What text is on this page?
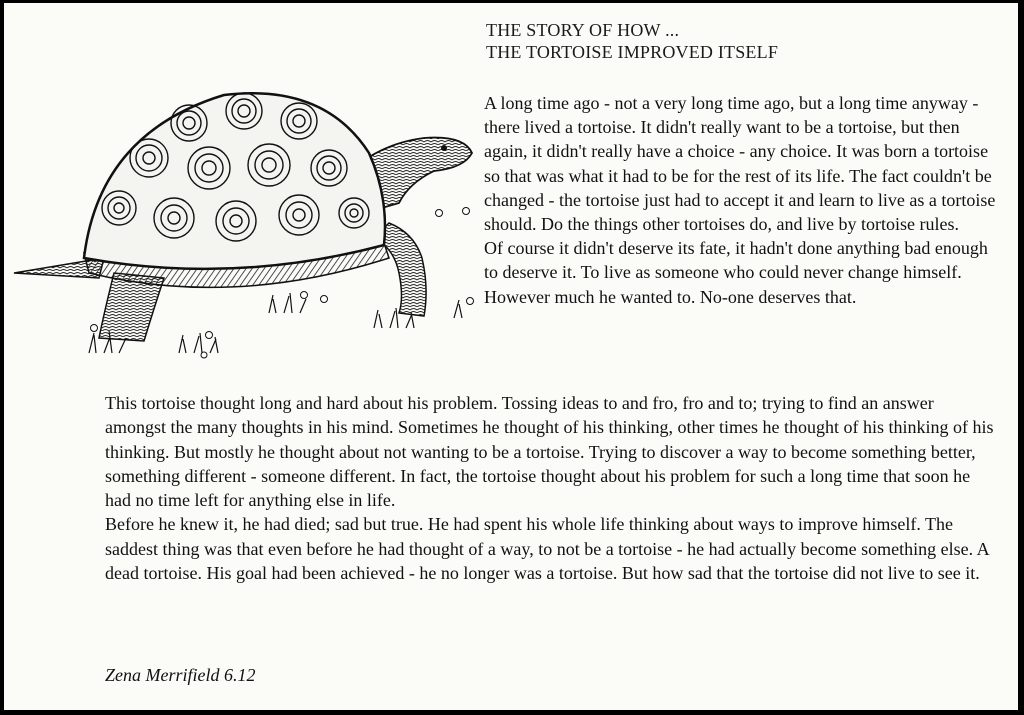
THE STORY OF HOW ...
THE TORTOISE IMPROVED ITSELF

A long time ago - not a very long time ago, but a long time anyway - there lived a tortoise. It didn't really want to be a tortoise, but then again, it didn't really have a choice - any choice. It was born a tortoise so that was what it had to be for the rest of its life. The fact couldn't be changed - the tortoise just had to accept it and learn to live as a tortoise should. Do the things other tortoises do, and live by tortoise rules.

Of course it didn't deserve its fate, it hadn't done anything bad enough to deserve it. To live as someone who could never change himself. However much he wanted to. No-one deserves that.

This tortoise thought long and hard about his problem. Tossing ideas to and fro, fro and to; trying to find an answer amongst the many thoughts in his mind. Sometimes he thought of his thinking, other times he thought of his thinking of his thinking. But mostly he thought about not wanting to be a tortoise. Trying to discover a way to become something better, something different - someone different. In fact, the tortoise thought about his problem for such a long time that soon he had no time left for anything else in life.

Before he knew it, he had died; sad but true. He had spent his whole life thinking about ways to improve himself. The saddest thing was that even before he had thought of a way, to not be a tortoise - he had actually become something else. A dead tortoise. His goal had been achieved - he no longer was a tortoise. But how sad that the tortoise did not live to see it.

Zena Merrifield 6.12
